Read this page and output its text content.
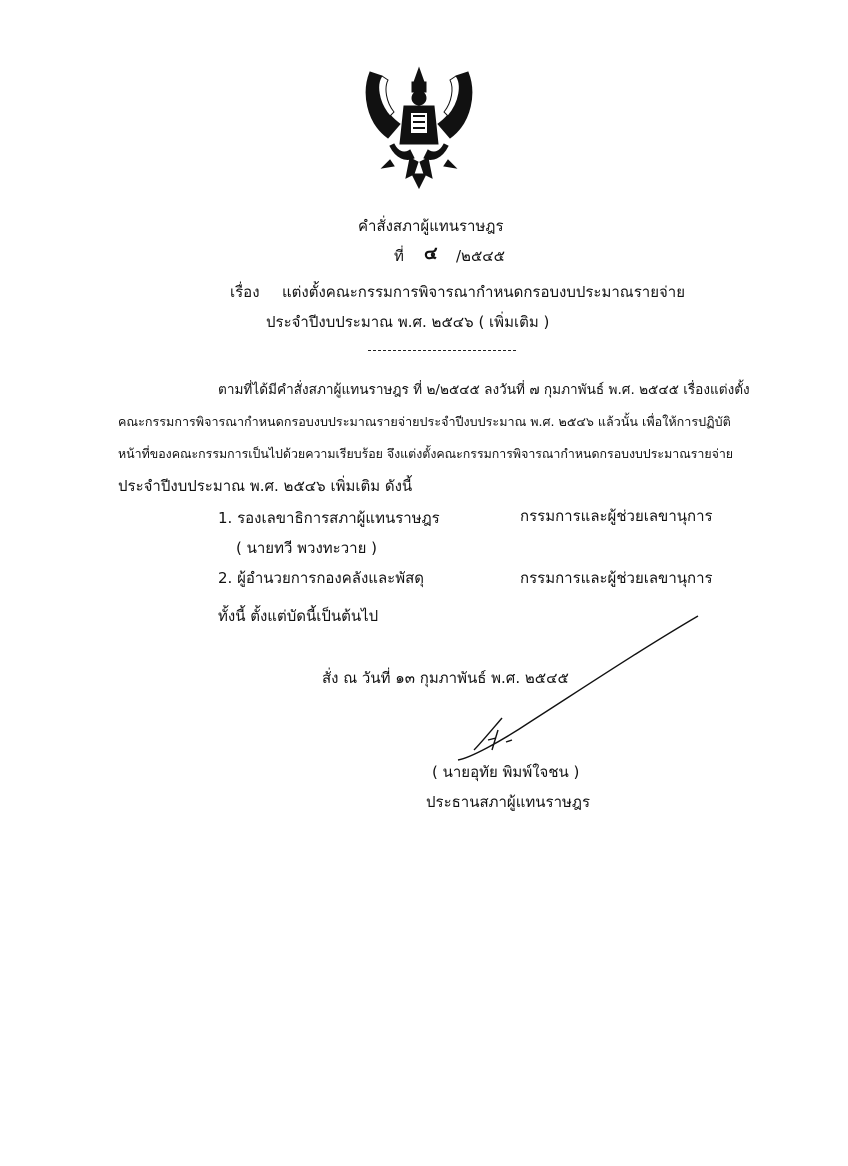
คำสั่งสภาผู้แทนราษฎร
ที่ ๔ /๒๕๔๕
เรื่อง แต่งตั้งคณะกรรมการพิจารณากำหนดกรอบงบประมาณรายจ่าย
ประจำปีงบประมาณ พ.ศ. ๒๕๔๖ ( เพิ่มเติม )
ตามที่ได้มีคำสั่งสภาผู้แทนราษฎร ที่ ๒/๒๕๔๕ ลงวันที่ ๗ กุมภาพันธ์ พ.ศ. ๒๕๔๕ เรื่องแต่งตั้ง
คณะกรรมการพิจารณากำหนดกรอบงบประมาณรายจ่ายประจำปีงบประมาณ พ.ศ. ๒๕๔๖ แล้วนั้น เพื่อให้การปฏิบัติ
หน้าที่ของคณะกรรมการเป็นไปด้วยความเรียบร้อย จึงแต่งตั้งคณะกรรมการพิจารณากำหนดกรอบงบประมาณรายจ่าย
ประจำปีงบประมาณ พ.ศ. ๒๕๔๖ เพิ่มเติม ดังนี้
1. รองเลขาธิการสภาผู้แทนราษฎร	กรรมการและผู้ช่วยเลขานุการ
( นายทวี พวงทะวาย )
2. ผู้อำนวยการกองคลังและพัสดุ	กรรมการและผู้ช่วยเลขานุการ
ทั้งนี้ ตั้งแต่บัดนี้เป็นต้นไป
สั่ง ณ วันที่ ๑๓ กุมภาพันธ์ พ.ศ. ๒๕๔๕
( นายอุทัย พิมพ์ใจชน )
ประธานสภาผู้แทนราษฎร
